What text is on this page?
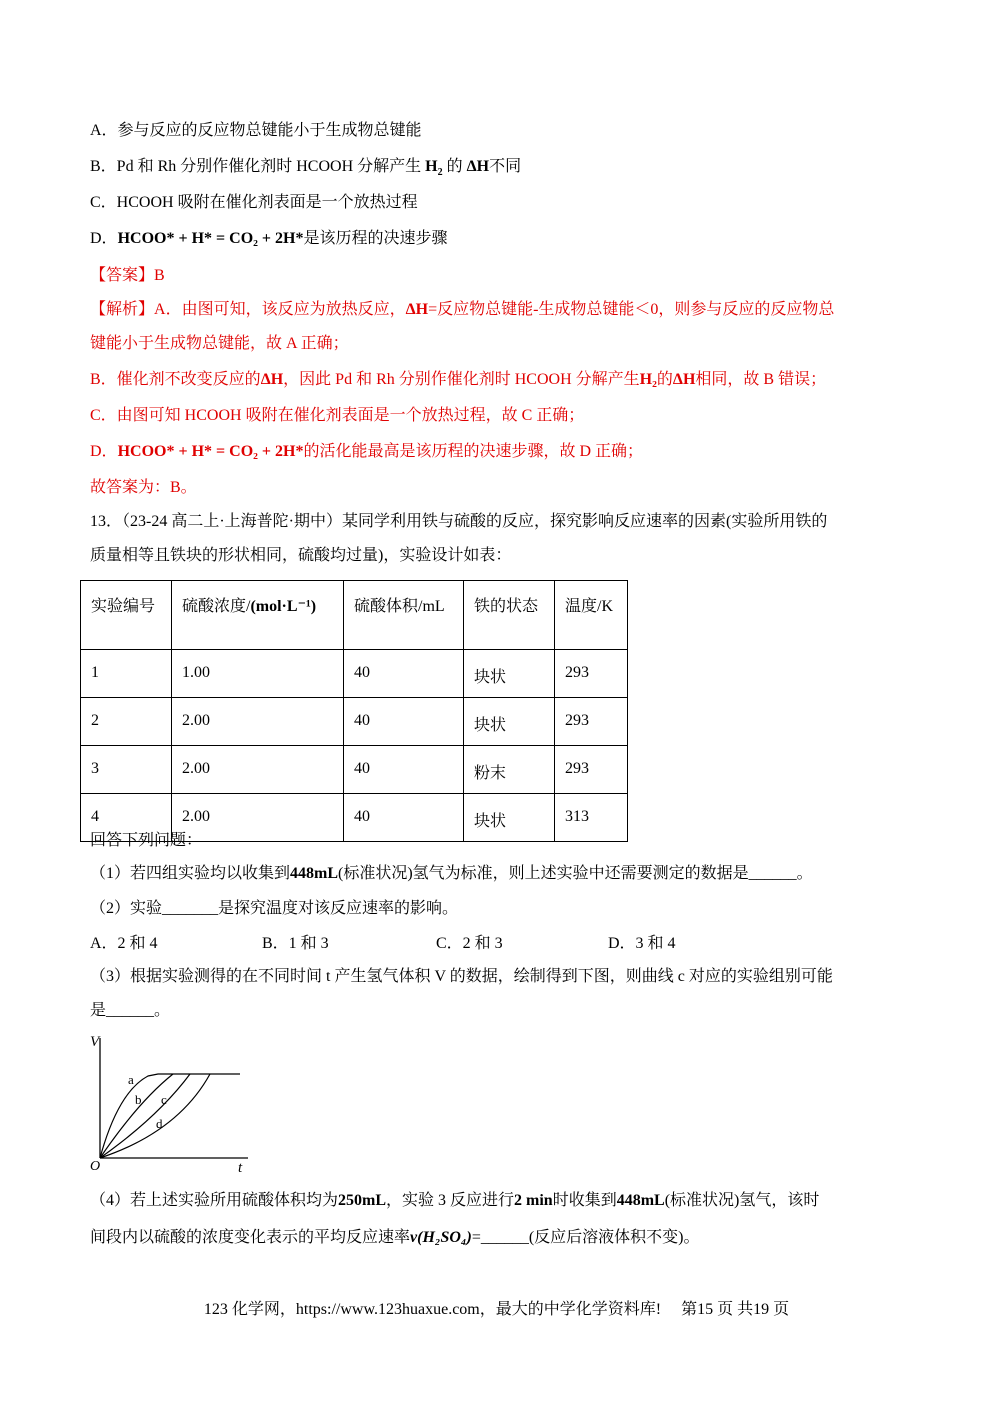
A．参与反应的反应物总键能小于生成物总键能
B．Pd 和 Rh 分别作催化剂时 HCOOH 分解产生 $H_2$ 的 ΔH不同
C．HCOOH 吸附在催化剂表面是一个放热过程
D．HCOO* + H* = CO₂ + 2H*是该历程的决速步骤
【答案】B
【解析】A．由图可知，该反应为放热反应，ΔH=反应物总键能-生成物总键能＜0，则参与反应的反应物总
键能小于生成物总键能，故 A 正确；
B．催化剂不改变反应的ΔH，因此 Pd 和 Rh 分别作催化剂时 HCOOH 分解产生H₂的ΔH相同，故 B 错误；
C．由图可知 HCOOH 吸附在催化剂表面是一个放热过程，故 C 正确；
D．HCOO* + H* = CO₂ + 2H*的活化能最高是该历程的决速步骤，故 D 正确；
故答案为：B。
13．（23-24 高二上·上海普陀·期中）某同学利用铁与硫酸的反应，探究影响反应速率的因素(实验所用铁的
质量相等且铁块的形状相同，硫酸均过量)，实验设计如表：
实验编号	硫酸浓度/(mol·L⁻¹)	硫酸体积/mL	铁的状态	温度/K
1	1.00	40	块状	293
2	2.00	40	块状	293
3	2.00	40	粉末	293
4	2.00	40	块状	313
回答下列问题：
（1）若四组实验均以收集到448mL(标准状况)氢气为标准，则上述实验中还需要测定的数据是______。
（2）实验_______是探究温度对该反应速率的影响。
A．2 和 4	B．1 和 3	C．2 和 3	D．3 和 4
（3）根据实验测得的在不同时间 t 产生氢气体积 V 的数据，绘制得到下图，则曲线 c 对应的实验组别可能
是______。
V
t
O
a
b c
d
（4）若上述实验所用硫酸体积均为250mL，实验 3 反应进行2 min时收集到448mL(标准状况)氢气，该时
间段内以硫酸的浓度变化表示的平均反应速率v(H₂SO₄)=______(反应后溶液体积不变)。
123 化学网，https://www.123huaxue.com，最大的中学化学资料库!　 第15 页 共19 页
